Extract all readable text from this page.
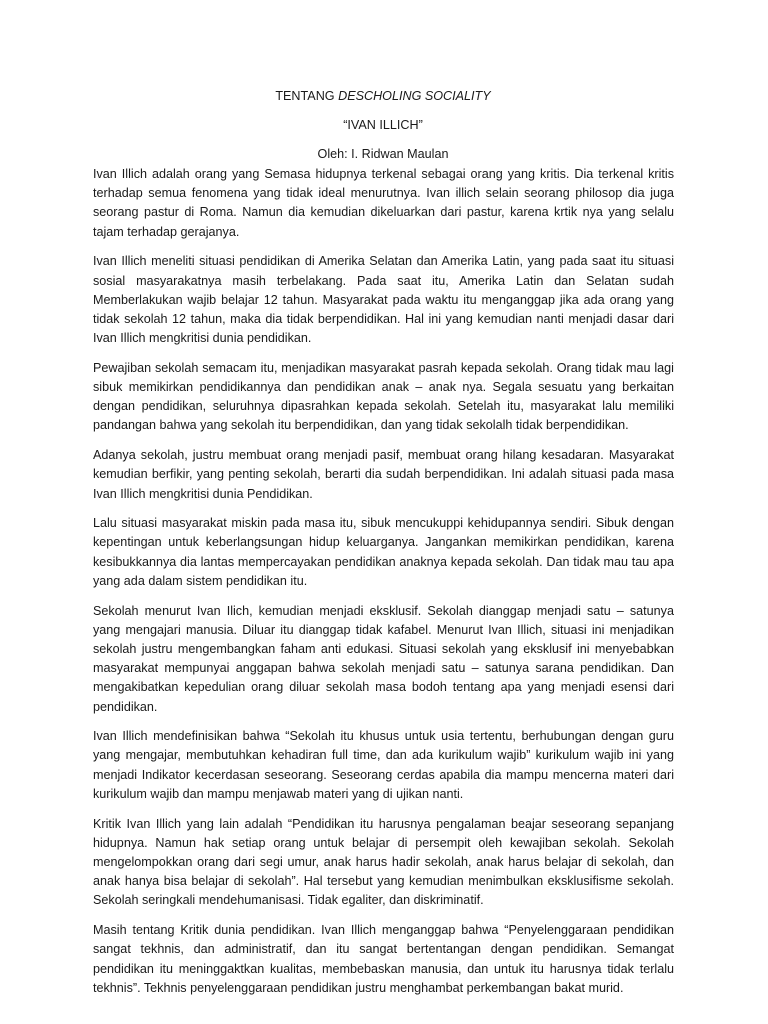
TENTANG DESCHOLING SOCIALITY
“IVAN ILLICH”
Oleh: I. Ridwan Maulan

Ivan Illich adalah orang yang Semasa hidupnya terkenal sebagai orang yang kritis. Dia terkenal kritis terhadap semua fenomena yang tidak ideal menurutnya. Ivan illich selain seorang philosop dia juga seorang pastur di Roma. Namun dia kemudian dikeluarkan dari pastur, karena krtik nya yang selalu tajam terhadap gerajanya.

Ivan Illich meneliti situasi pendidikan di Amerika Selatan dan Amerika Latin, yang pada saat itu situasi sosial masyarakatnya masih terbelakang. Pada saat itu, Amerika Latin dan Selatan sudah Memberlakukan wajib belajar 12 tahun. Masyarakat pada waktu itu menganggap jika ada orang yang tidak sekolah 12 tahun, maka dia tidak berpendidikan. Hal ini yang kemudian nanti menjadi dasar dari Ivan Illich mengkritisi dunia pendidikan.

Pewajiban sekolah semacam itu, menjadikan masyarakat pasrah kepada sekolah. Orang tidak mau lagi sibuk memikirkan pendidikannya dan pendidikan anak – anak nya. Segala sesuatu yang berkaitan dengan pendidikan, seluruhnya dipasrahkan kepada sekolah. Setelah itu, masyarakat lalu memiliki pandangan bahwa yang sekolah itu berpendidikan, dan yang tidak sekolalh tidak berpendidikan.

Adanya sekolah, justru membuat orang menjadi pasif, membuat orang hilang kesadaran. Masyarakat kemudian berfikir, yang penting sekolah, berarti dia sudah berpendidikan. Ini adalah situasi pada masa Ivan Illich mengkritisi dunia Pendidikan.

Lalu situasi masyarakat miskin pada masa itu, sibuk mencukuppi kehidupannya sendiri. Sibuk dengan kepentingan untuk keberlangsungan hidup keluarganya. Jangankan memikirkan pendidikan, karena kesibukkannya dia lantas mempercayakan pendidikan anaknya kepada sekolah. Dan tidak mau tau apa yang ada dalam sistem pendidikan itu.

Sekolah menurut Ivan Ilich, kemudian menjadi eksklusif. Sekolah dianggap menjadi satu – satunya yang mengajari manusia. Diluar itu dianggap tidak kafabel. Menurut Ivan Illich, situasi ini menjadikan sekolah justru mengembangkan faham anti edukasi. Situasi sekolah yang eksklusif ini menyebabkan masyarakat mempunyai anggapan bahwa sekolah menjadi satu – satunya sarana pendidikan. Dan mengakibatkan kepedulian orang diluar sekolah masa bodoh tentang apa yang menjadi esensi dari pendidikan.

Ivan Illich mendefinisikan bahwa “Sekolah itu khusus untuk usia tertentu, berhubungan dengan guru yang mengajar, membutuhkan kehadiran full time, dan ada kurikulum wajib” kurikulum wajib ini yang menjadi Indikator kecerdasan seseorang. Seseorang cerdas apabila dia mampu mencerna materi dari kurikulum wajib dan mampu menjawab materi yang di ujikan nanti.

Kritik Ivan Illich yang lain adalah “Pendidikan itu harusnya pengalaman beajar seseorang sepanjang hidupnya. Namun hak setiap orang untuk belajar di persempit oleh kewajiban sekolah. Sekolah mengelompokkan orang dari segi umur, anak harus hadir sekolah, anak harus belajar di sekolah, dan anak hanya bisa belajar di sekolah”. Hal tersebut yang kemudian menimbulkan eksklusifisme sekolah. Sekolah seringkali mendehumanisasi. Tidak egaliter, dan diskriminatif.

Masih tentang Kritik dunia pendidikan. Ivan Illich menganggap bahwa “Penyelenggaraan pendidikan sangat tekhnis, dan administratif, dan itu sangat bertentangan dengan pendidikan. Semangat pendidikan itu meninggaktkan kualitas, membebaskan manusia, dan untuk itu harusnya tidak terlalu tekhnis”. Tekhnis penyelenggaraan pendidikan justru menghambat perkembangan bakat murid.
